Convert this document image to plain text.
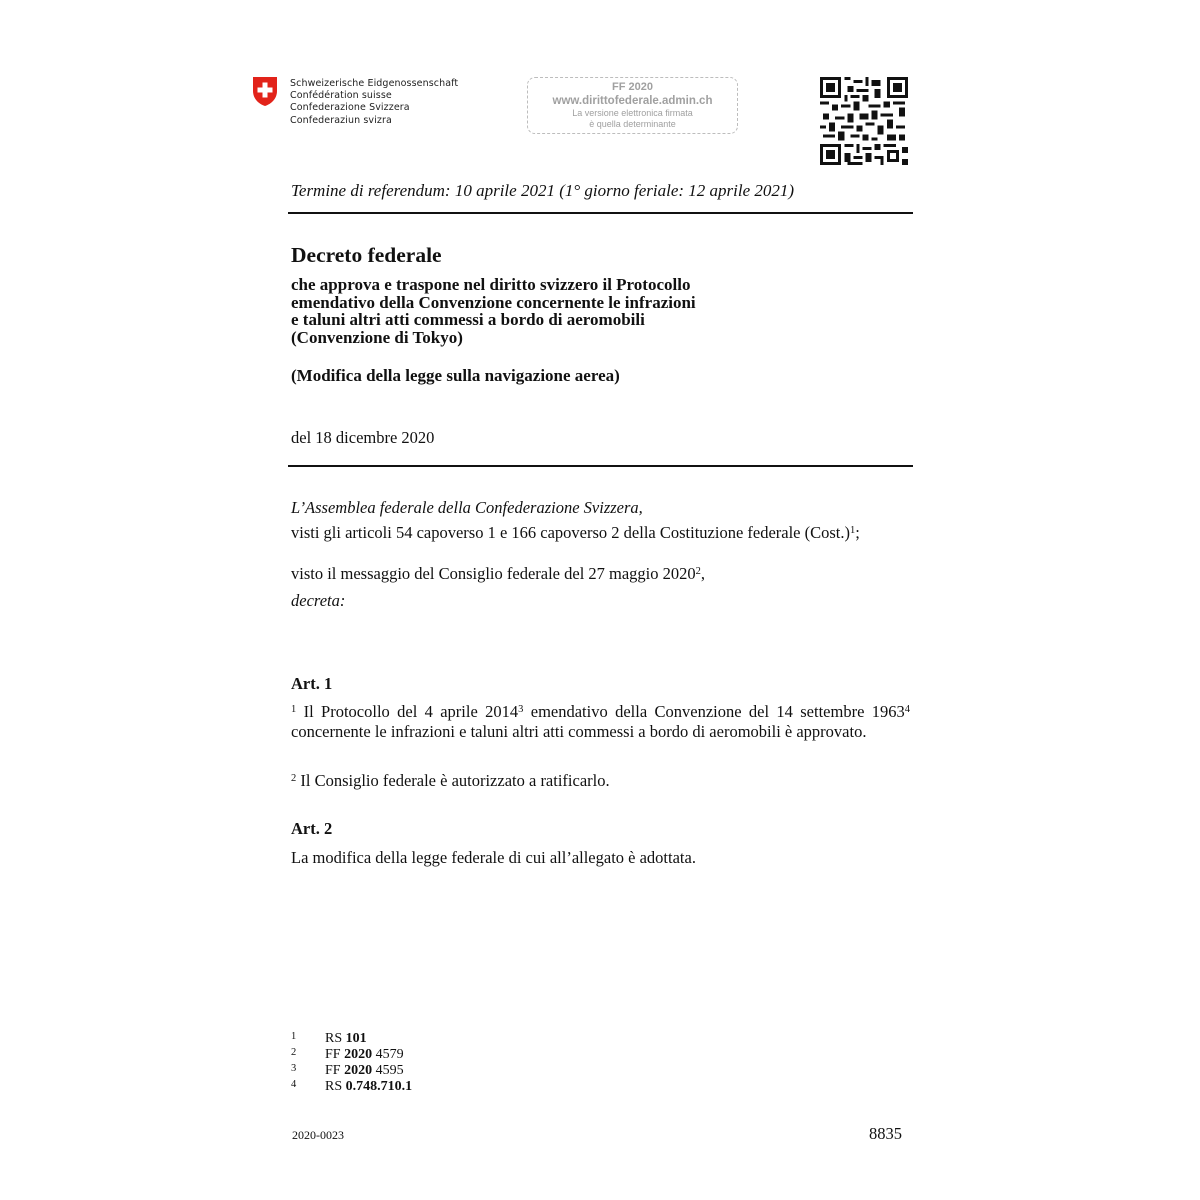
Schweizerische Eidgenossenschaft
Confédération suisse
Confederazione Svizzera
Confederaziun svizra
FF 2020
www.dirittofederale.admin.ch
La versione elettronica firmata
è quella determinante
Termine di referendum: 10 aprile 2021 (1° giorno feriale: 12 aprile 2021)
Decreto federale
che approva e traspone nel diritto svizzero il Protocollo
emendativo della Convenzione concernente le infrazioni
e taluni altri atti commessi a bordo di aeromobili
(Convenzione di Tokyo)
(Modifica della legge sulla navigazione aerea)
del 18 dicembre 2020
L’Assemblea federale della Confederazione Svizzera,
visti gli articoli 54 capoverso 1 e 166 capoverso 2 della Costituzione federale (Cost.)$^1$;
visto il messaggio del Consiglio federale del 27 maggio 2020$^2$,
decreta:
Art. 1
$^1$ Il Protocollo del 4 aprile 2014$^3$ emendativo della Convenzione del 14 settembre 1963$^4$ concernente le infrazioni e taluni altri atti commessi a bordo di aeromobili è approvato.
$^2$ Il Consiglio federale è autorizzato a ratificarlo.
Art. 2
La modifica della legge federale di cui all’allegato è adottata.
1	RS 101
2	FF 2020 4579
3	FF 2020 4595
4	RS 0.748.710.1
2020-0023	8835
